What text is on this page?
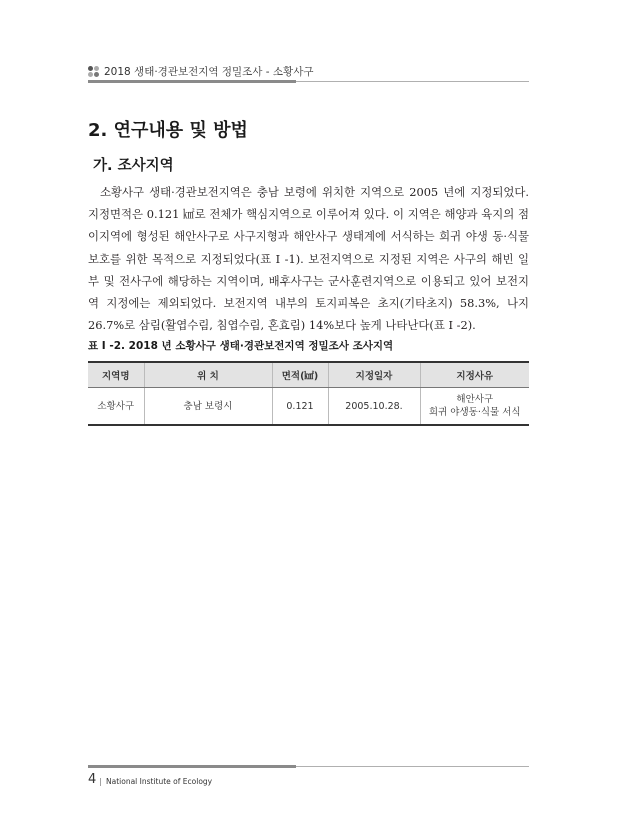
2018 생태·경관보전지역 정밀조사 - 소황사구
2. 연구내용 및 방법
가. 조사지역

소황사구 생태·경관보전지역은 충남 보령에 위치한 지역으로 2005 년에 지정되었다. 지정면적은 0.121 ㎢로 전체가 핵심지역으로 이루어져 있다. 이 지역은 해양과 육지의 점이지역에 형성된 해안사구로 사구지형과 해안사구 생태계에 서식하는 희귀 야생 동·식물 보호를 위한 목적으로 지정되었다(표 I -1). 보전지역으로 지정된 지역은 사구의 해빈 일부 및 전사구에 해당하는 지역이며, 배후사구는 군사훈련지역으로 이용되고 있어 보전지역 지정에는 제외되었다. 보전지역 내부의 토지피복은 초지(기타초지) 58.3%, 나지 26.7%로 삼림(활엽수림, 침엽수림, 혼효림) 14%보다 높게 나타난다(표 I -2).

표 I -2. 2018 년 소황사구 생태·경관보전지역 정밀조사 조사지역
지역명	위 치	면적(㎢)	지정일자	지정사유
소황사구	충남 보령시	0.121	2005.10.28.	해안사구
희귀 야생동·식물 서식
4 | National Institute of Ecology
